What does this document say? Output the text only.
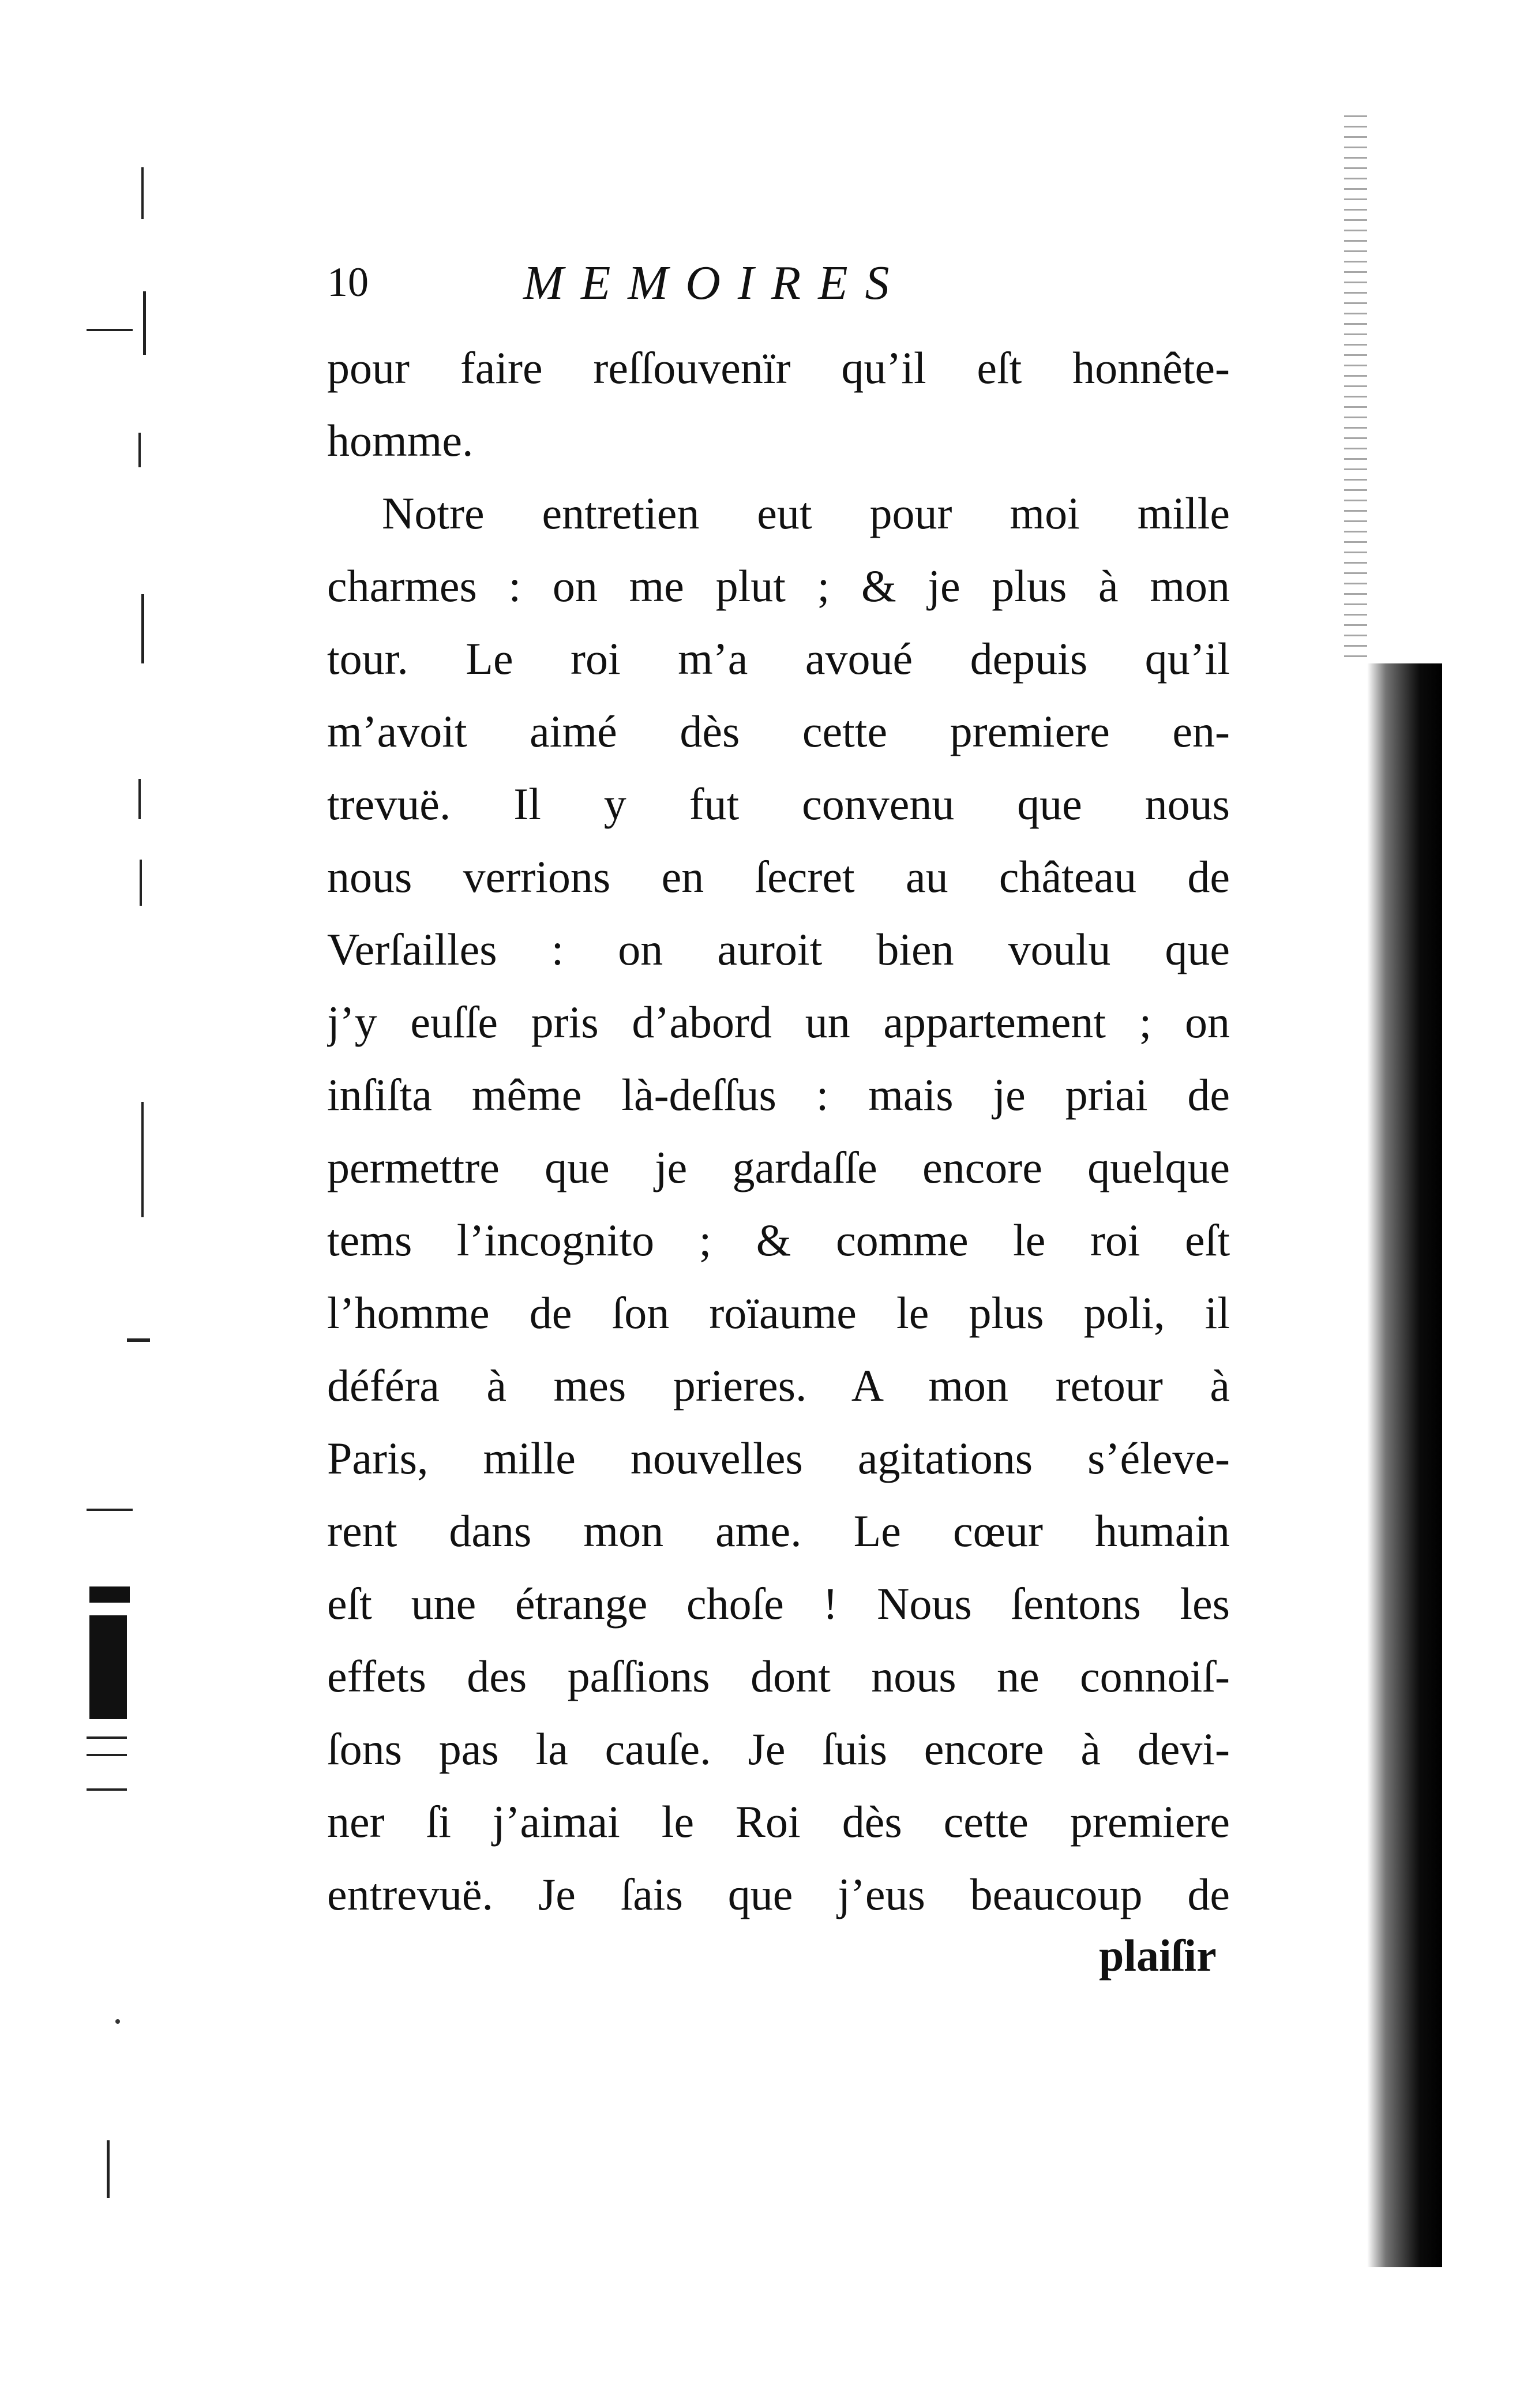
10	MEMOIRES
pour faire reſſouvenïr qu’il eſt honnête-
homme.
Notre entretien eut pour moi mille
charmes : on me plut ; & je plus à mon
tour. Le roi m’a avoué depuis qu’il
m’avoit aimé dès cette premiere en-
trevuë. Il y fut convenu que nous
nous verrions en ſecret au château de
Verſailles : on auroit bien voulu que
j’y euſſe pris d’abord un appartement ; on
inſiſta même là-deſſus : mais je priai de
permettre que je gardaſſe encore quelque
tems l’incognito ; & comme le roi eſt
l’homme de ſon roïaume le plus poli, il
déféra à mes prieres. A mon retour à
Paris, mille nouvelles agitations s’éleve-
rent dans mon ame. Le cœur humain
eſt une étrange choſe ! Nous ſentons les
effets des paſſions dont nous ne connoiſ-
ſons pas la cauſe. Je ſuis encore à devi-
ner ſi j’aimai le Roi dès cette premiere
entrevuë. Je ſais que j’eus beaucoup de
plaiſir
